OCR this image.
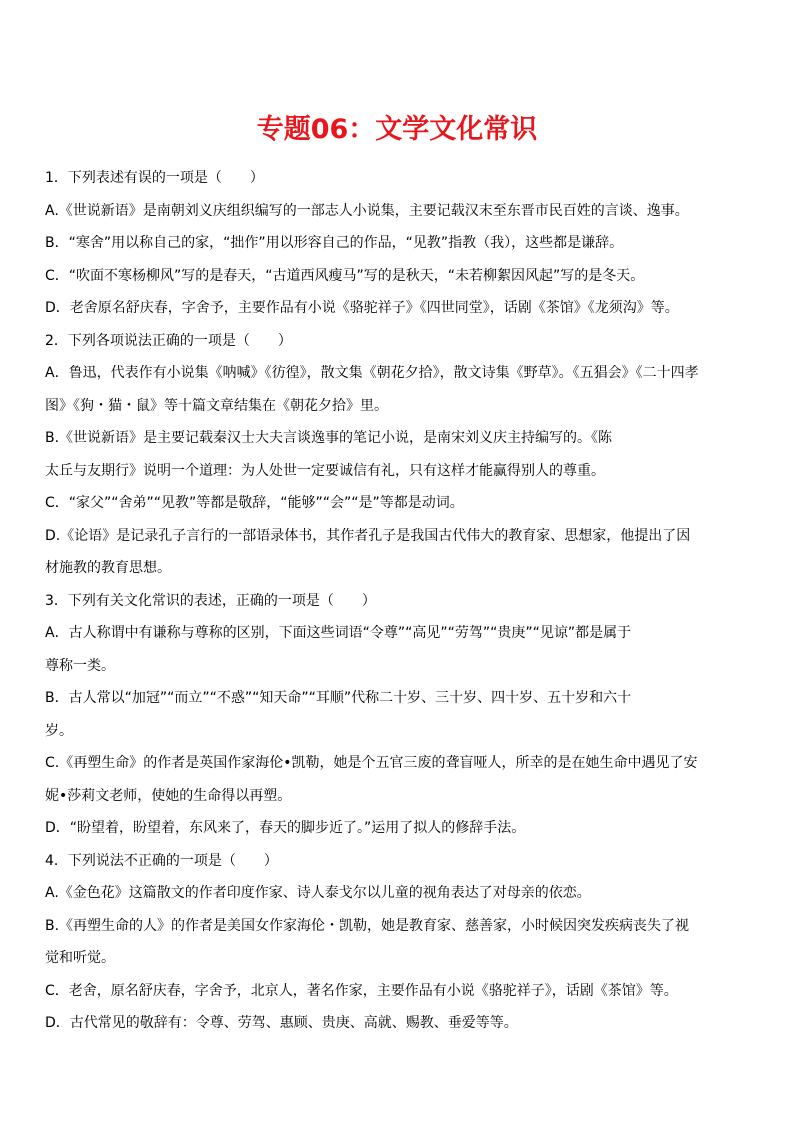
专题06：文学文化常识

1．下列表述有误的一项是（　　）

A.《世说新语》是南朝刘义庆组织编写的一部志人小说集，主要记载汉末至东晋市民百姓的言谈、逸事。

B．“寒舍”用以称自己的家，“拙作”用以形容自己的作品，“见教”指教（我），这些都是谦辞。

C．“吹面不寒杨柳风”写的是春天，“古道西风瘦马”写的是秋天，“未若柳絮因风起”写的是冬天。

D．老舍原名舒庆春，字舍予，主要作品有小说《骆驼祥子》《四世同堂》，话剧《茶馆》《龙须沟》等。

2．下列各项说法正确的一项是（　　）

A．鲁迅，代表作有小说集《呐喊》《彷徨》，散文集《朝花夕拾》，散文诗集《野草》。《五猖会》《二十四孝

图》《狗・猫・鼠》等十篇文章结集在《朝花夕拾》里。

B.《世说新语》是主要记载秦汉士大夫言谈逸事的笔记小说，是南宋刘义庆主持编写的。《陈

太丘与友期行》说明一个道理：为人处世一定要诚信有礼，只有这样才能赢得别人的尊重。

C．“家父”“舍弟”“见教”等都是敬辞，“能够”“会”“是”等都是动词。

D.《论语》是记录孔子言行的一部语录体书，其作者孔子是我国古代伟大的教育家、思想家，他提出了因

材施教的教育思想。

3．下列有关文化常识的表述，正确的一项是（　　）

A．古人称谓中有谦称与尊称的区别，下面这些词语“令尊”“高见”“劳驾”“贵庚”“见谅”都是属于

尊称一类。

B．古人常以“加冠”“而立”“不惑”“知天命”“耳顺”代称二十岁、三十岁、四十岁、五十岁和六十

岁。

C.《再塑生命》的作者是英国作家海伦•凯勒，她是个五官三废的聋盲哑人，所幸的是在她生命中遇见了安

妮•莎莉文老师，使她的生命得以再塑。

D．“盼望着，盼望着，东风来了，春天的脚步近了。”运用了拟人的修辞手法。

4．下列说法不正确的一项是（　　）

A.《金色花》这篇散文的作者印度作家、诗人泰戈尔以儿童的视角表达了对母亲的依恋。

B.《再塑生命的人》的作者是美国女作家海伦・凯勒，她是教育家、慈善家，小时候因突发疾病丧失了视

觉和听觉。

C．老舍，原名舒庆春，字舍予，北京人，著名作家，主要作品有小说《骆驼祥子》，话剧《茶馆》等。

D．古代常见的敬辞有：令尊、劳驾、惠顾、贵庚、高就、赐教、垂爱等等。
